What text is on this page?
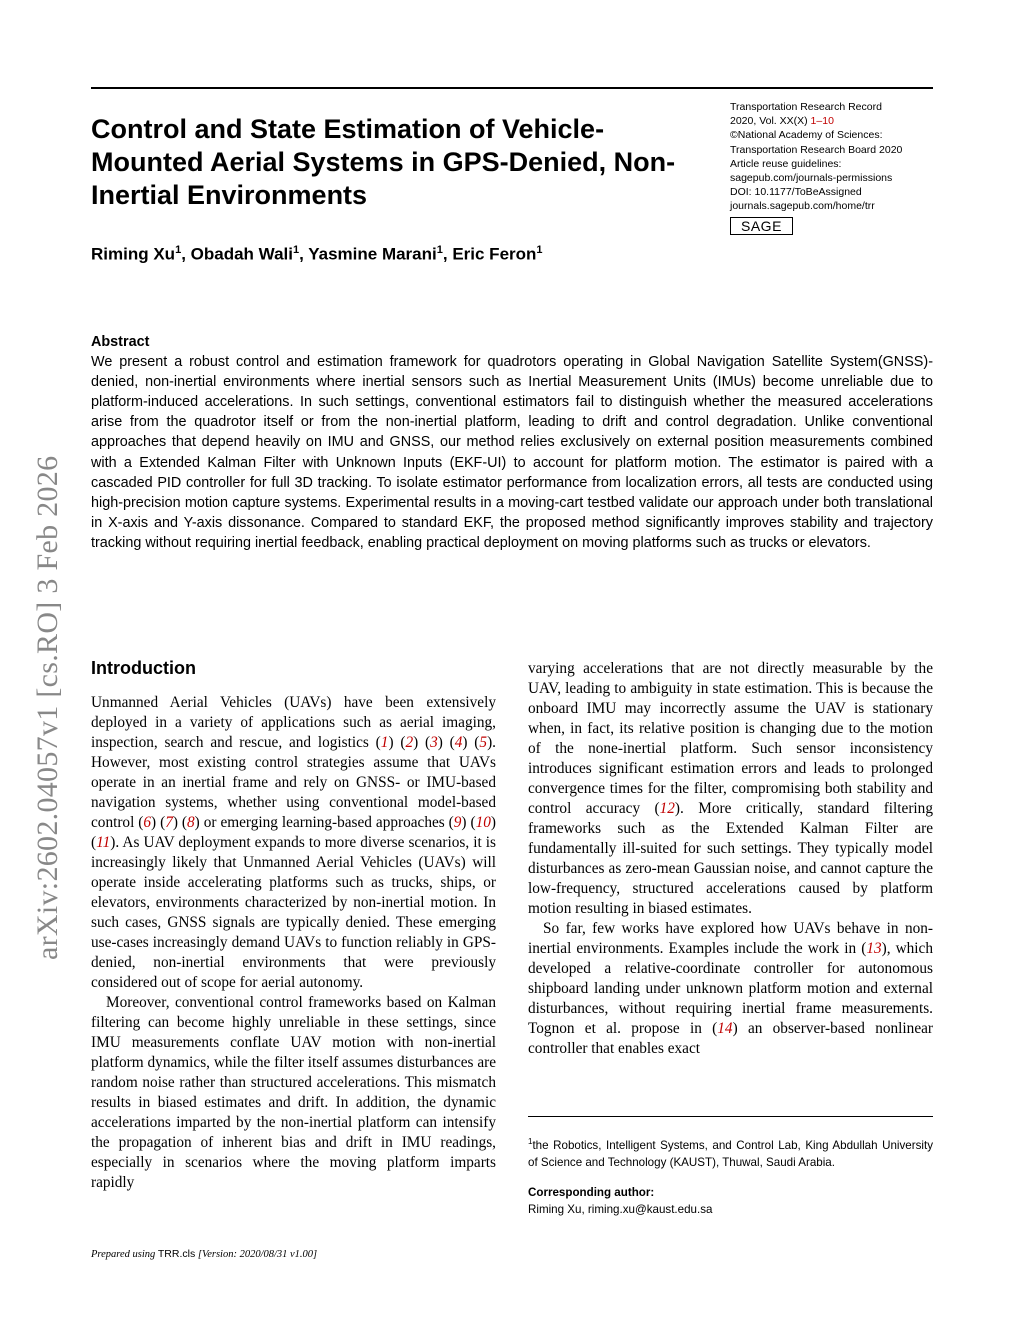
arXiv:2602.04057v1 [cs.RO] 3 Feb 2026
Control and State Estimation of Vehicle-Mounted Aerial Systems in GPS-Denied, Non-Inertial Environments
Riming Xu$^1$, Obadah Wali$^1$, Yasmine Marani$^1$, Eric Feron$^1$
Transportation Research Record
2020, Vol. XX(X) 1–10
©National Academy of Sciences:
Transportation Research Board 2020
Article reuse guidelines:
sagepub.com/journals-permissions
DOI: 10.1177/ToBeAssigned
journals.sagepub.com/home/trr
SAGE
Abstract

We present a robust control and estimation framework for quadrotors operating in Global Navigation Satellite System(GNSS)-denied, non-inertial environments where inertial sensors such as Inertial Measurement Units (IMUs) become unreliable due to platform-induced accelerations. In such settings, conventional estimators fail to distinguish whether the measured accelerations arise from the quadrotor itself or from the non-inertial platform, leading to drift and control degradation. Unlike conventional approaches that depend heavily on IMU and GNSS, our method relies exclusively on external position measurements combined with a Extended Kalman Filter with Unknown Inputs (EKF-UI) to account for platform motion. The estimator is paired with a cascaded PID controller for full 3D tracking. To isolate estimator performance from localization errors, all tests are conducted using high-precision motion capture systems. Experimental results in a moving-cart testbed validate our approach under both translational in X-axis and Y-axis dissonance. Compared to standard EKF, the proposed method significantly improves stability and trajectory tracking without requiring inertial feedback, enabling practical deployment on moving platforms such as trucks or elevators.

Introduction

Unmanned Aerial Vehicles (UAVs) have been extensively deployed in a variety of applications such as aerial imaging, inspection, search and rescue, and logistics (1) (2) (3) (4) (5). However, most existing control strategies assume that UAVs operate in an inertial frame and rely on GNSS- or IMU-based navigation systems, whether using conventional model-based control (6) (7) (8) or emerging learning-based approaches (9) (10) (11). As UAV deployment expands to more diverse scenarios, it is increasingly likely that Unmanned Aerial Vehicles (UAVs) will operate inside accelerating platforms such as trucks, ships, or elevators, environments characterized by non-inertial motion. In such cases, GNSS signals are typically denied. These emerging use-cases increasingly demand UAVs to function reliably in GPS-denied, non-inertial environments that were previously considered out of scope for aerial autonomy.

Moreover, conventional control frameworks based on Kalman filtering can become highly unreliable in these settings, since IMU measurements conflate UAV motion with non-inertial platform dynamics, while the filter itself assumes disturbances are random noise rather than structured accelerations. This mismatch results in biased estimates and drift. In addition, the dynamic accelerations imparted by the non-inertial platform can intensify the propagation of inherent bias and drift in IMU readings, especially in scenarios where the moving platform imparts rapidly

varying accelerations that are not directly measurable by the UAV, leading to ambiguity in state estimation. This is because the onboard IMU may incorrectly assume the UAV is stationary when, in fact, its relative position is changing due to the motion of the none-inertial platform. Such sensor inconsistency introduces significant estimation errors and leads to prolonged convergence times for the filter, compromising both stability and control accuracy (12). More critically, standard filtering frameworks such as the Extended Kalman Filter are fundamentally ill-suited for such settings. They typically model disturbances as zero-mean Gaussian noise, and cannot capture the low-frequency, structured accelerations caused by platform motion resulting in biased estimates.

So far, few works have explored how UAVs behave in non-inertial environments. Examples include the work in (13), which developed a relative-coordinate controller for autonomous shipboard landing under unknown platform motion and external disturbances, without requiring inertial frame measurements. Tognon et al. propose in (14) an observer-based nonlinear controller that enables exact

$^1$the Robotics, Intelligent Systems, and Control Lab, King Abdullah University of Science and Technology (KAUST), Thuwal, Saudi Arabia.
Corresponding author:
Riming Xu, riming.xu@kaust.edu.sa
Prepared using TRR.cls [Version: 2020/08/31 v1.00]
